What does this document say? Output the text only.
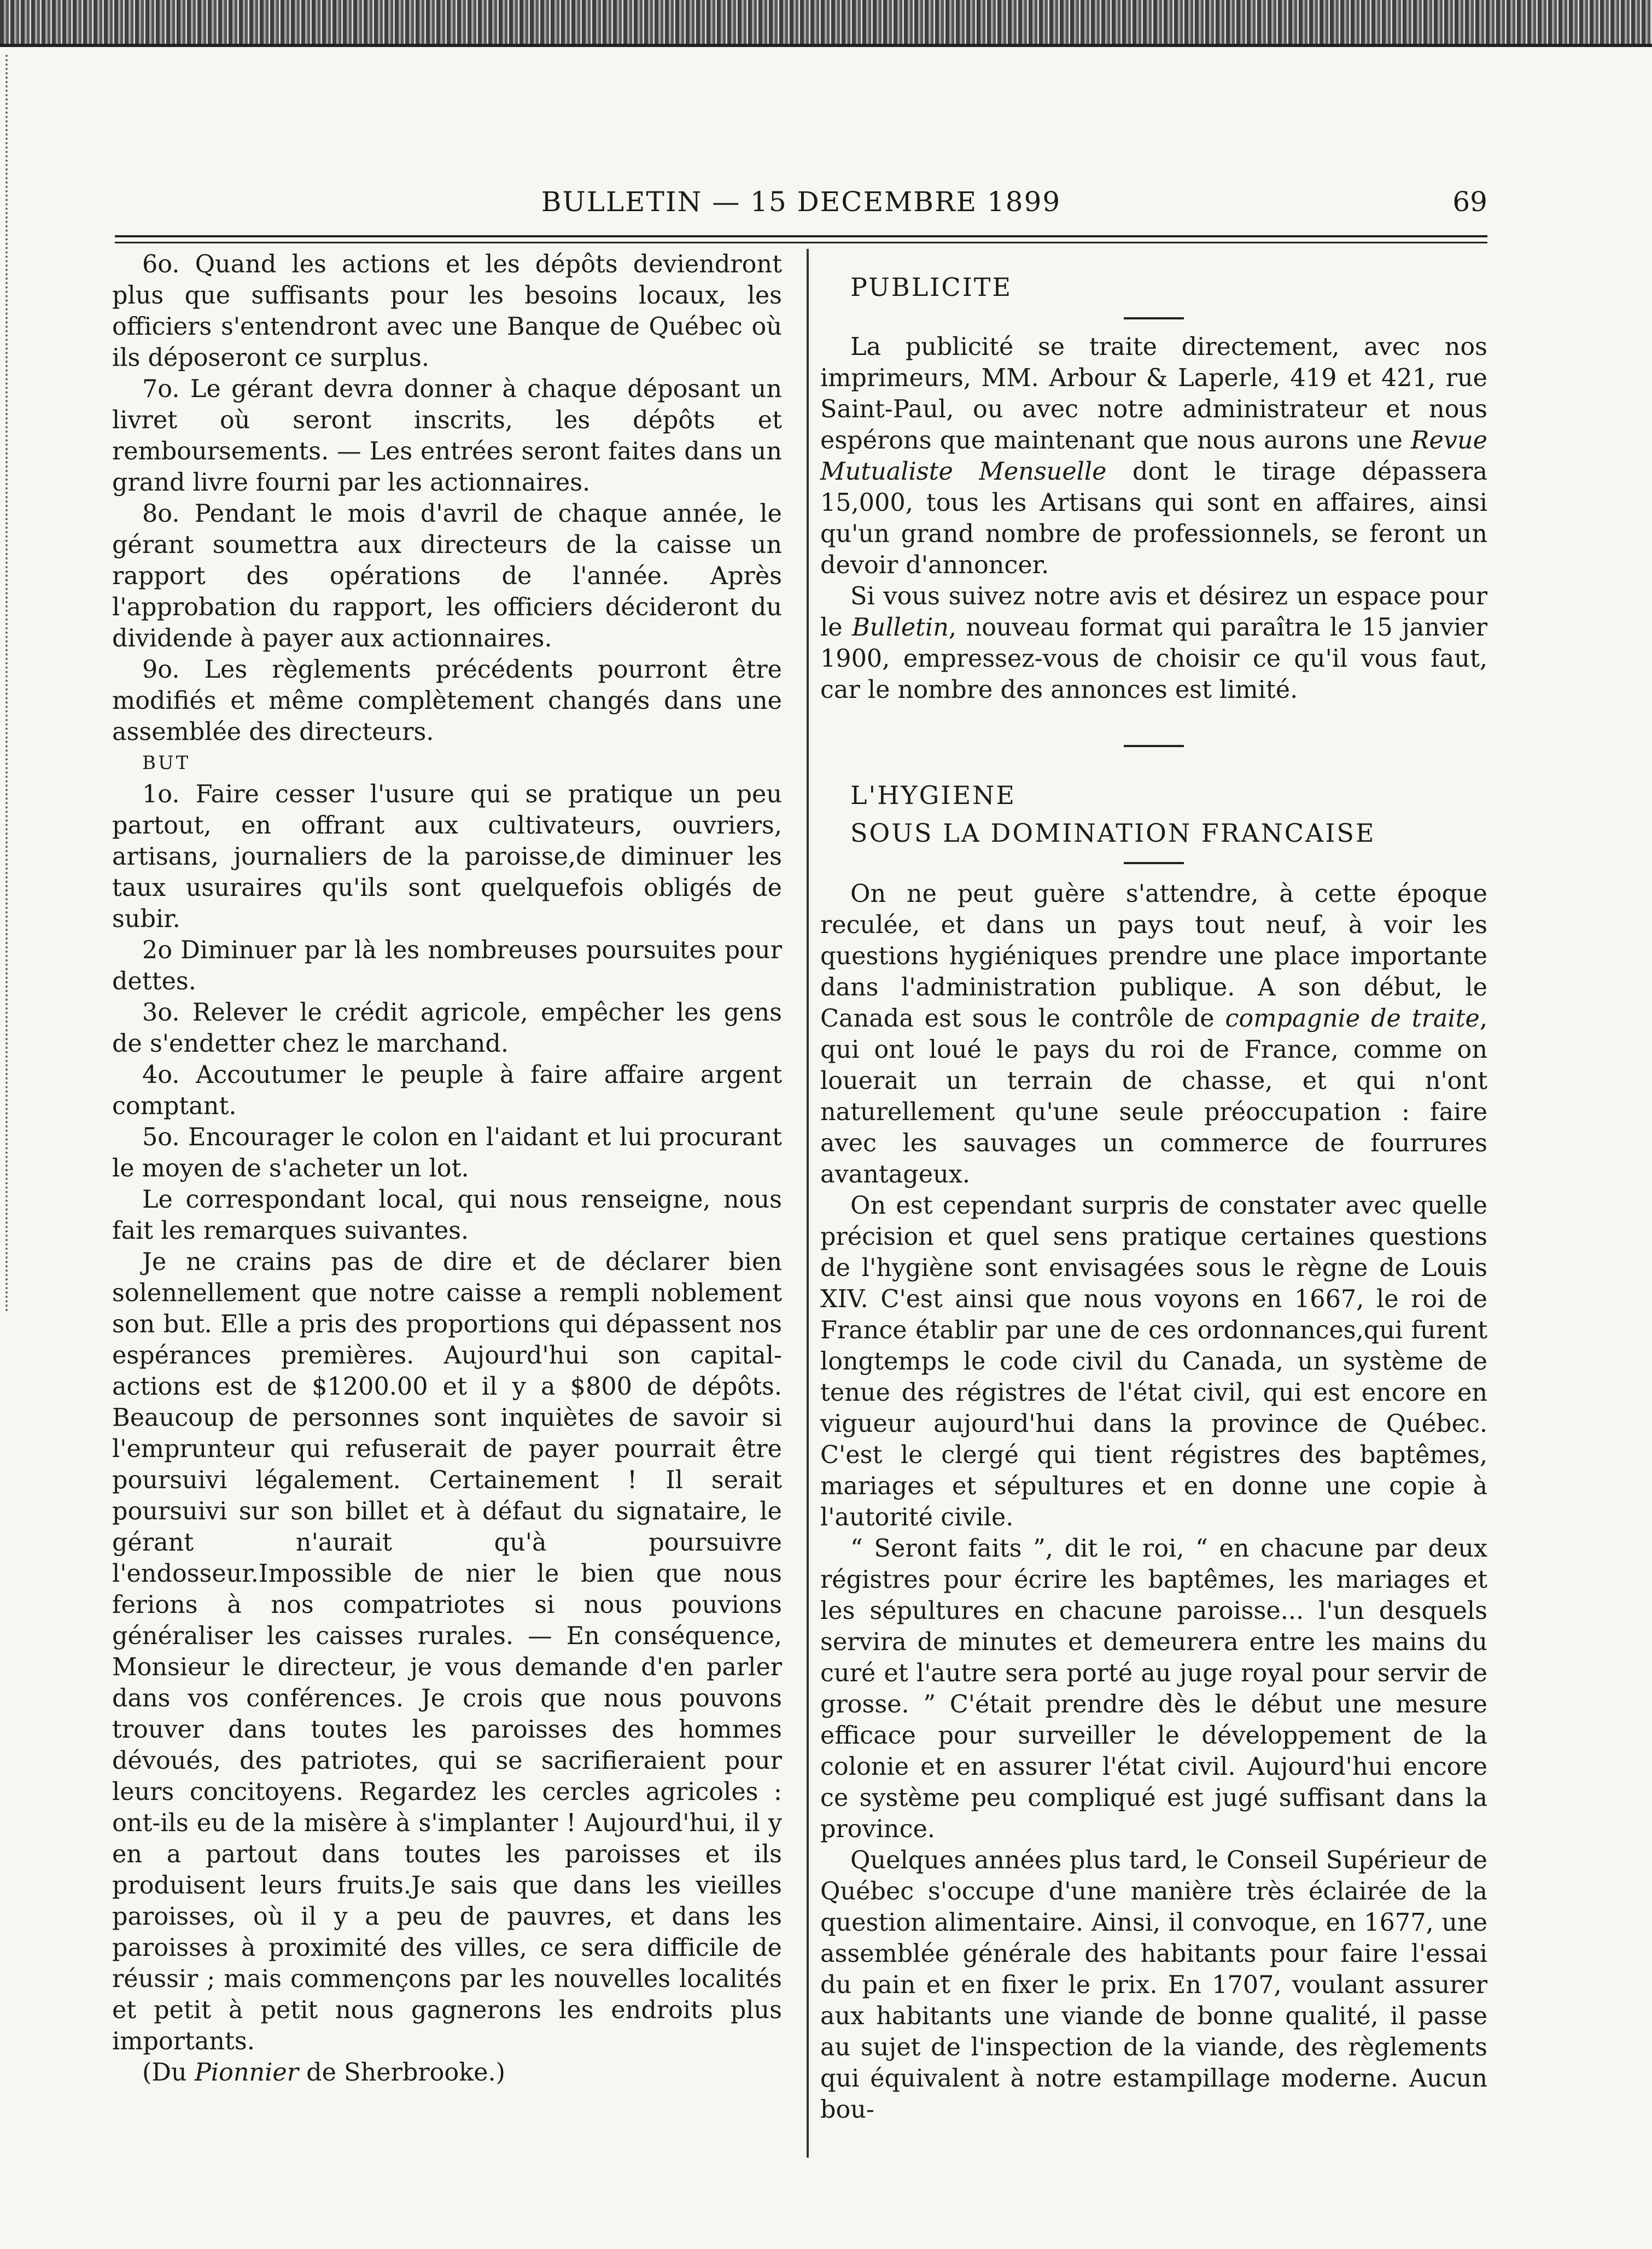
BULLETIN — 15 DECEMBRE 1899	69

6o. Quand les actions et les dépôts deviendront plus que suffisants pour les besoins locaux, les officiers s'entendront avec une Banque de Québec où ils déposeront ce surplus.

7o. Le gérant devra donner à chaque déposant un livret où seront inscrits, les dépôts et remboursements. — Les entrées seront faites dans un grand livre fourni par les actionnaires.

8o. Pendant le mois d'avril de chaque année, le gérant soumettra aux directeurs de la caisse un rapport des opérations de l'année. Après l'approbation du rapport, les officiers décideront du dividende à payer aux actionnaires.

9o. Les règlements précédents pourront être modifiés et même complètement changés dans une assemblée des directeurs.

BUT

1o. Faire cesser l'usure qui se pratique un peu partout, en offrant aux cultivateurs, ouvriers, artisans, journaliers de la paroisse,de diminuer les taux usuraires qu'ils sont quelquefois obligés de subir.

2o Diminuer par là les nombreuses poursuites pour dettes.

3o. Relever le crédit agricole, empêcher les gens de s'endetter chez le marchand.

4o. Accoutumer le peuple à faire affaire argent comptant.

5o. Encourager le colon en l'aidant et lui procurant le moyen de s'acheter un lot.

Le correspondant local, qui nous renseigne, nous fait les remarques suivantes.

Je ne crains pas de dire et de déclarer bien solennellement que notre caisse a rempli noblement son but. Elle a pris des proportions qui dépassent nos espérances premières. Aujourd'hui son capital-actions est de $1200.00 et il y a $800 de dépôts. Beaucoup de personnes sont inquiètes de savoir si l'emprunteur qui refuserait de payer pourrait être poursuivi légalement. Certainement ! Il serait poursuivi sur son billet et à défaut du signataire, le gérant n'aurait qu'à poursuivre l'endosseur.Impossible de nier le bien que nous ferions à nos compatriotes si nous pouvions généraliser les caisses rurales. — En conséquence, Monsieur le directeur, je vous demande d'en parler dans vos conférences. Je crois que nous pouvons trouver dans toutes les paroisses des hommes dévoués, des patriotes, qui se sacrifieraient pour leurs concitoyens. Regardez les cercles agricoles : ont-ils eu de la misère à s'implanter ! Aujourd'hui, il y en a partout dans toutes les paroisses et ils produisent leurs fruits.Je sais que dans les vieilles paroisses, où il y a peu de pauvres, et dans les paroisses à proximité des villes, ce sera difficile de réussir ; mais commençons par les nouvelles localités et petit à petit nous gagnerons les endroits plus importants.

(Du Pionnier de Sherbrooke.)

PUBLICITE

La publicité se traite directement, avec nos imprimeurs, MM. Arbour & Laperle, 419 et 421, rue Saint-Paul, ou avec notre administrateur et nous espérons que maintenant que nous aurons une Revue Mutualiste Mensuelle dont le tirage dépassera 15,000, tous les Artisans qui sont en affaires, ainsi qu'un grand nombre de professionnels, se feront un devoir d'annoncer.

Si vous suivez notre avis et désirez un espace pour le Bulletin, nouveau format qui paraîtra le 15 janvier 1900, empressez-vous de choisir ce qu'il vous faut, car le nombre des annonces est limité.

L'HYGIENE

SOUS LA DOMINATION FRANCAISE

On ne peut guère s'attendre, à cette époque reculée, et dans un pays tout neuf, à voir les questions hygiéniques prendre une place importante dans l'administration publique. A son début, le Canada est sous le contrôle de compagnie de traite, qui ont loué le pays du roi de France, comme on louerait un terrain de chasse, et qui n'ont naturellement qu'une seule préoccupation : faire avec les sauvages un commerce de fourrures avantageux.

On est cependant surpris de constater avec quelle précision et quel sens pratique certaines questions de l'hygiène sont envisagées sous le règne de Louis XIV. C'est ainsi que nous voyons en 1667, le roi de France établir par une de ces ordonnances,qui furent longtemps le code civil du Canada, un système de tenue des régistres de l'état civil, qui est encore en vigueur aujourd'hui dans la province de Québec. C'est le clergé qui tient régistres des baptêmes, mariages et sépultures et en donne une copie à l'autorité civile.

“ Seront faits ”, dit le roi, “ en chacune par deux régistres pour écrire les baptêmes, les mariages et les sépultures en chacune paroisse... l'un desquels servira de minutes et demeurera entre les mains du curé et l'autre sera porté au juge royal pour servir de grosse. ” C'était prendre dès le début une mesure efficace pour surveiller le développement de la colonie et en assurer l'état civil. Aujourd'hui encore ce système peu compliqué est jugé suffisant dans la province.

Quelques années plus tard, le Conseil Supérieur de Québec s'occupe d'une manière très éclairée de la question alimentaire. Ainsi, il convoque, en 1677, une assemblée générale des habitants pour faire l'essai du pain et en fixer le prix. En 1707, voulant assurer aux habitants une viande de bonne qualité, il passe au sujet de l'inspection de la viande, des règlements qui équivalent à notre estampillage moderne. Aucun bou-
